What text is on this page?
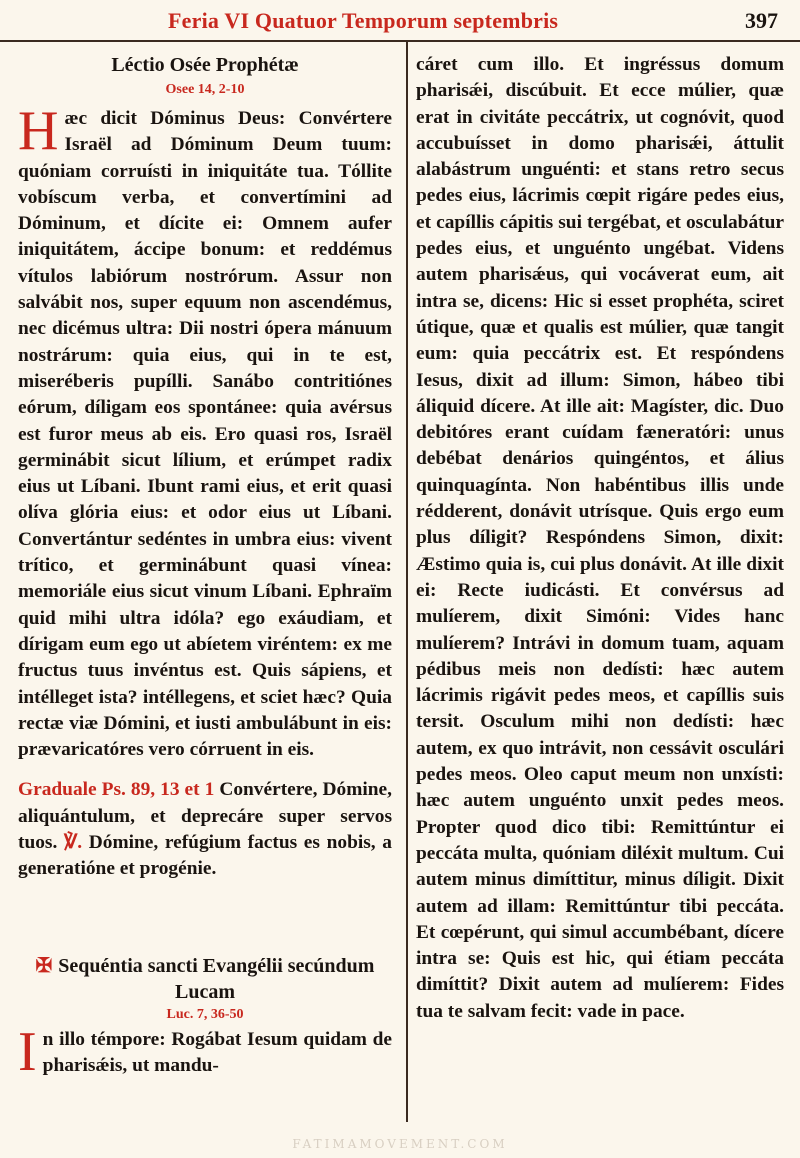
Feria VI Quatuor Temporum septembris	397
Léctio Osée Prophétæ
Osee 14, 2-10
Hæc dicit Dóminus Deus: Convértere Israël ad Dóminum Deum tuum: quóniam corruísti in iniquitáte tua. Tóllite vobíscum verba, et convertímini ad Dóminum, et dícite ei: Omnem aufer iniquitátem, áccipe bonum: et reddémus vítulos labiórum nostrórum. Assur non salvábit nos, super equum non ascendémus, nec dicémus ultra: Dii nostri ópera mánuum nostrárum: quia eius, qui in te est, miseréberis pupílli. Sanábo contritiónes eórum, díligam eos spontánee: quia avérsus est furor meus ab eis. Ero quasi ros, Israël germinábit sicut lílium, et erúmpet radix eius ut Líbani. Ibunt rami eius, et erit quasi olíva glória eius: et odor eius ut Líbani. Convertántur sedéntes in umbra eius: vivent trítico, et germinábunt quasi vínea: memoriále eius sicut vinum Líbani. Ephraïm quid mihi ultra idóla? ego exáudiam, et dírigam eum ego ut abíetem viréntem: ex me fructus tuus invéntus est. Quis sápiens, et intélleget ista? intéllegens, et sciet hæc? Quia rectæ viæ Dómini, et iusti ambulábunt in eis: prævaricatóres vero córruent in eis.
Graduale Ps. 89, 13 et 1 Convértere, Dómine, aliquántulum, et deprecáre super servos tuos. ℣. Dómine, refúgium factus es nobis, a generatióne et progénie.
✠ Sequéntia sancti Evangélii secúndum Lucam
Luc. 7, 36-50
In illo témpore: Rogábat Iesum quidam de pharisǽis, ut mandu-
cáret cum illo. Et ingréssus domum pharisǽi, discúbuit. Et ecce múlier, quæ erat in civitáte peccátrix, ut cognóvit, quod accubuísset in domo pharisǽi, áttulit alabástrum unguénti: et stans retro secus pedes eius, lácrimis cœpit rigáre pedes eius, et capíllis cápitis sui tergébat, et osculabátur pedes eius, et unguénto ungébat. Videns autem pharisǽus, qui vocáverat eum, ait intra se, dicens: Hic si esset prophéta, sciret útique, quæ et qualis est múlier, quæ tangit eum: quia peccátrix est. Et respóndens Iesus, dixit ad illum: Simon, hábeo tibi áliquid dícere. At ille ait: Magíster, dic. Duo debitóres erant cuídam fæneratóri: unus debébat denários quingéntos, et álius quinquagínta. Non habéntibus illis unde rédderent, donávit utrísque. Quis ergo eum plus díligit? Respóndens Simon, dixit: Æstimo quia is, cui plus donávit. At ille dixit ei: Recte iudicásti. Et convérsus ad mulíerem, dixit Simóni: Vides hanc mulíerem? Intrávi in domum tuam, aquam pédibus meis non dedísti: hæc autem lácrimis rigávit pedes meos, et capíllis suis tersit. Osculum mihi non dedísti: hæc autem, ex quo intrávit, non cessávit osculári pedes meos. Oleo caput meum non unxísti: hæc autem unguénto unxit pedes meos. Propter quod dico tibi: Remittúntur ei peccáta multa, quóniam diléxit multum. Cui autem minus dimíttitur, minus díligit. Dixit autem ad illam: Remittúntur tibi peccáta. Et cœpérunt, qui simul accumbébant, dícere intra se: Quis est hic, qui étiam peccáta dimíttit? Dixit autem ad mulíerem: Fides tua te salvam fecit: vade in pace.
FATIMAMOVEMENT.COM
